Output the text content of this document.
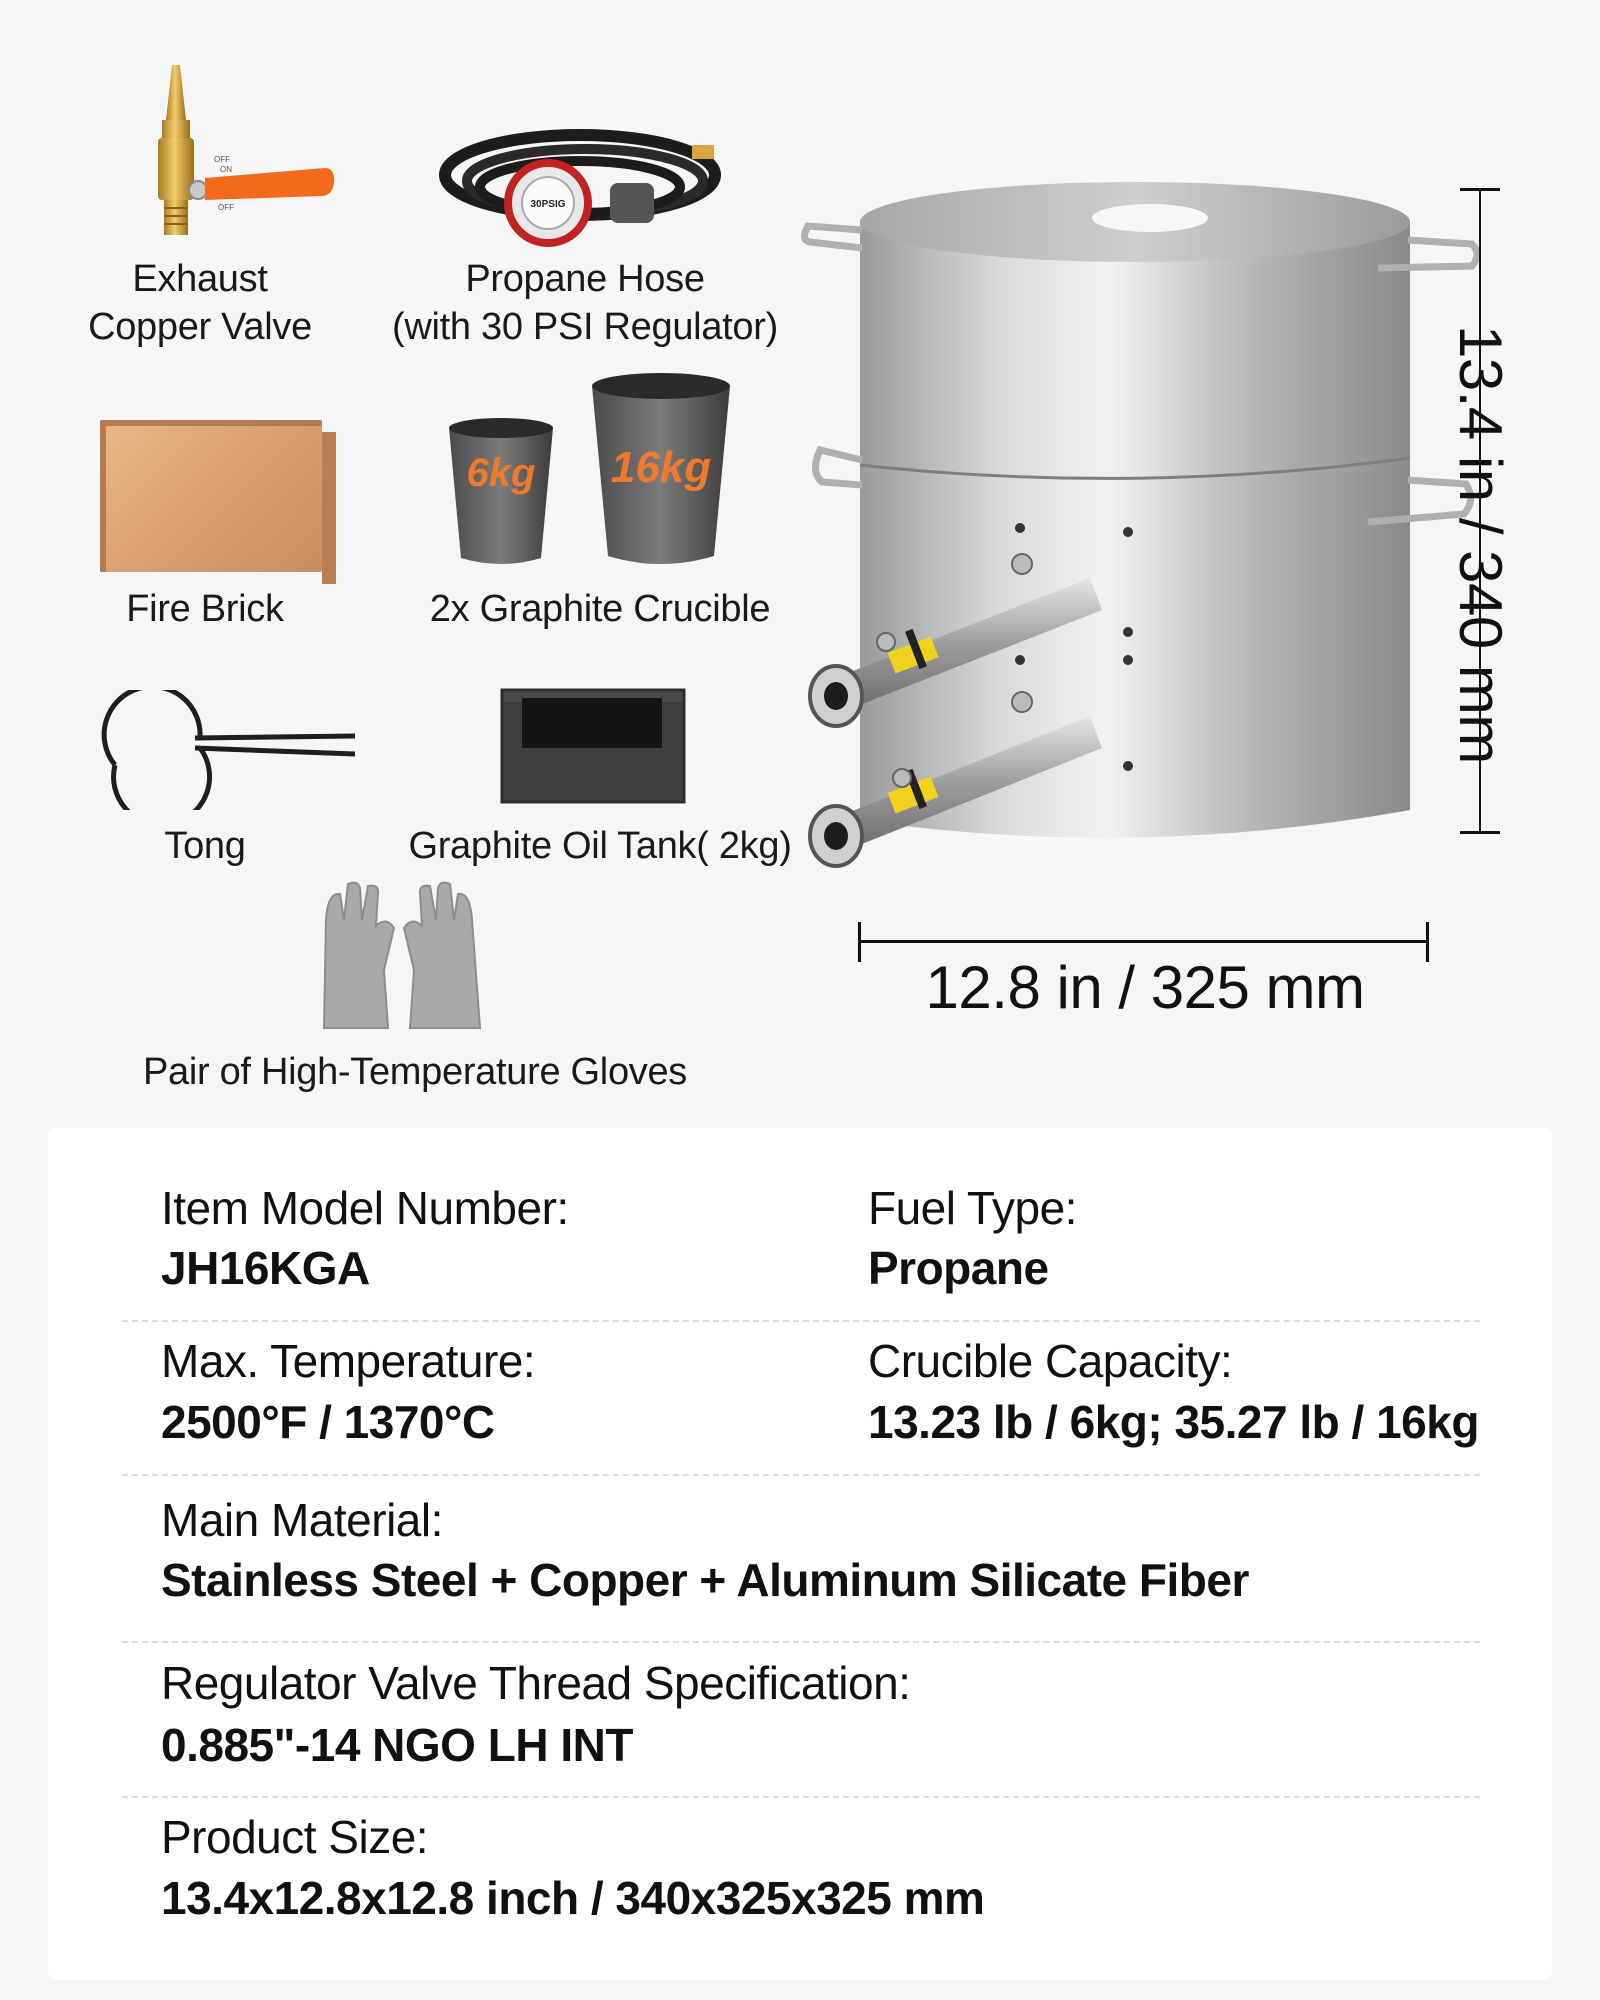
OFF
ON
OFF
Exhaust
Copper Valve
30PSIG
Propane Hose
(with 30 PSI Regulator)
Fire Brick
6kg 16kg
2x Graphite Crucible
Tong	Graphite Oil Tank( 2kg)
Pair of High-Temperature Gloves
13.4 in / 340 mm
12.8 in / 325 mm
Item Model Number:
JH16KGA
Fuel Type:
Propane
Max. Temperature:
2500°F / 1370°C
Crucible Capacity:
13.23 lb / 6kg; 35.27 lb / 16kg
Main Material:
Stainless Steel + Copper + Aluminum Silicate Fiber
Regulator Valve Thread Specification:
0.885"-14 NGO LH INT
Product Size:
13.4x12.8x12.8 inch / 340x325x325 mm
